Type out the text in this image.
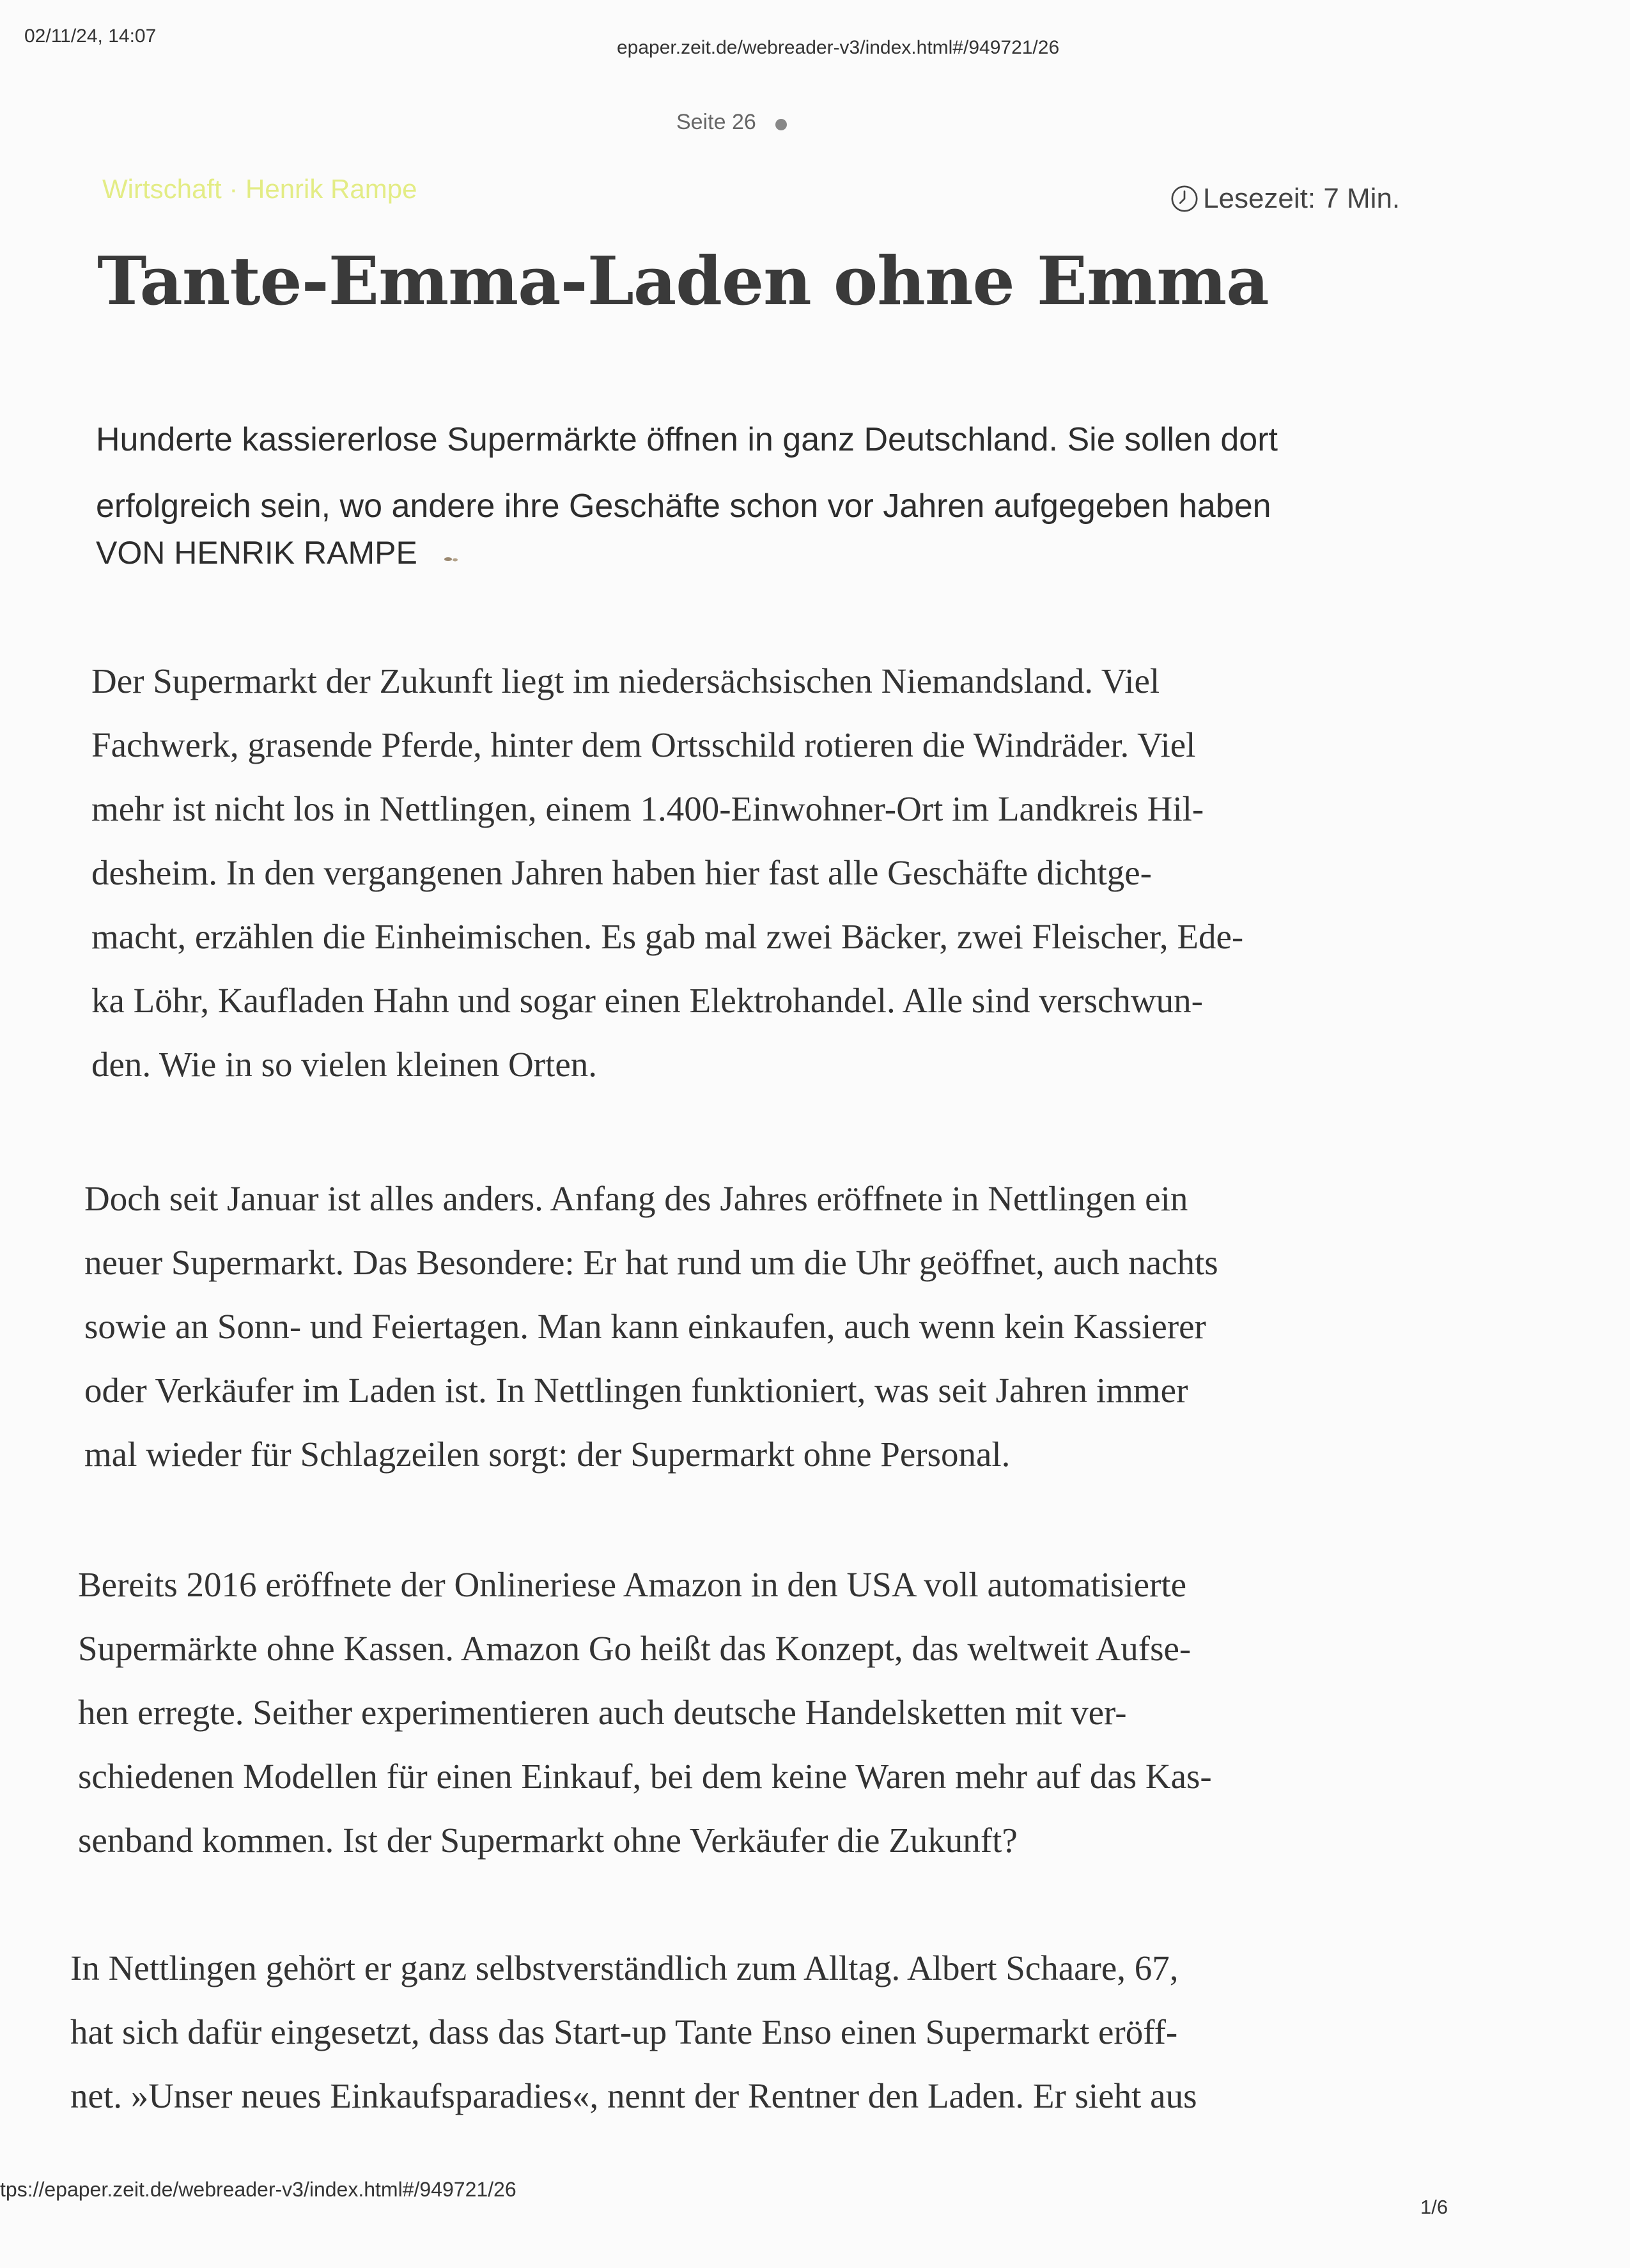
02/11/24, 14:07
epaper.zeit.de/webreader-v3/index.html#/949721/26
Seite 26
Wirtschaft · Henrik Rampe	Lesezeit: 7 Min.
Tante-Emma-Laden ohne Emma

Hunderte kassiererlose Supermärkte öffnen in ganz Deutschland. Sie sollen dort erfolgreich sein, wo andere ihre Geschäfte schon vor Jahren aufgegeben haben

VON HENRIK RAMPE

Der Supermarkt der Zukunft liegt im niedersächsischen Niemandsland. Viel
Fachwerk, grasende Pferde, hinter dem Ortsschild rotieren die Windräder. Viel
mehr ist nicht los in Nettlingen, einem 1.400-Einwohner-Ort im Landkreis Hil-
desheim. In den vergangenen Jahren haben hier fast alle Geschäfte dichtge-
macht, erzählen die Einheimischen. Es gab mal zwei Bäcker, zwei Fleischer, Ede-
ka Löhr, Kaufladen Hahn und sogar einen Elektrohandel. Alle sind verschwun-
den. Wie in so vielen kleinen Orten.

Doch seit Januar ist alles anders. Anfang des Jahres eröffnete in Nettlingen ein
neuer Supermarkt. Das Besondere: Er hat rund um die Uhr geöffnet, auch nachts
sowie an Sonn- und Feiertagen. Man kann einkaufen, auch wenn kein Kassierer
oder Verkäufer im Laden ist. In Nettlingen funktioniert, was seit Jahren immer
mal wieder für Schlagzeilen sorgt: der Supermarkt ohne Personal.

Bereits 2016 eröffnete der Onlineriese Amazon in den USA voll automatisierte
Supermärkte ohne Kassen. Amazon Go heißt das Konzept, das weltweit Aufse-
hen erregte. Seither experimentieren auch deutsche Handelsketten mit ver-
schiedenen Modellen für einen Einkauf, bei dem keine Waren mehr auf das Kas-
senband kommen. Ist der Supermarkt ohne Verkäufer die Zukunft?

In Nettlingen gehört er ganz selbstverständlich zum Alltag. Albert Schaare, 67,
hat sich dafür eingesetzt, dass das Start-up Tante Enso einen Supermarkt eröff-
net. »Unser neues Einkaufsparadies«, nennt der Rentner den Laden. Er sieht aus

tps://epaper.zeit.de/webreader-v3/index.html#/949721/26
1/6
